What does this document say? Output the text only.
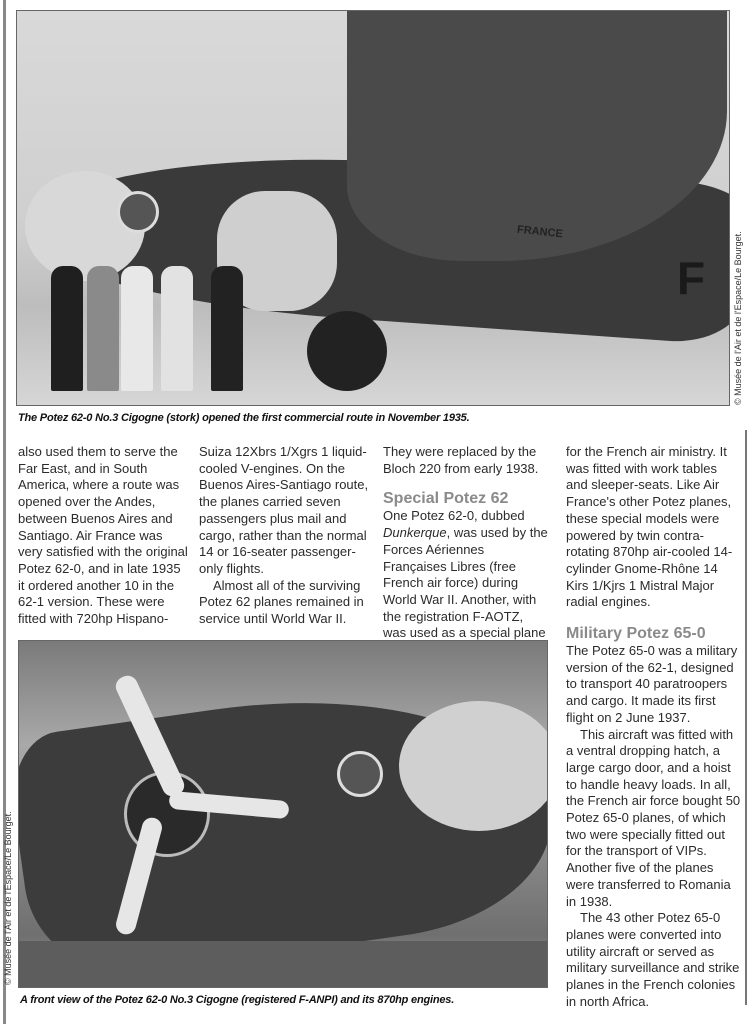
FRANCE
F	© Musée de l'Air et de l'Espace/Le Bourget.
The Potez 62-0 No.3 Cigogne (stork) opened the first commercial route in November 1935.

also used them to serve the Far East, and in South America, where a route was opened over the Andes, between Buenos Aires and Santiago. Air France was very satisfied with the original Potez 62-0, and in late 1935 it ordered another 10 in the 62-1 version. These were fitted with 720hp Hispano-

Suiza 12Xbrs 1/Xgrs 1 liquid-cooled V-engines. On the Buenos Aires-Santiago route, the planes carried seven passengers plus mail and cargo, rather than the normal 14 or 16-seater passenger-only flights.

Almost all of the surviving Potez 62 planes remained in service until World War II.

They were replaced by the Bloch 220 from early 1938.

Special Potez 62

One Potez 62-0, dubbed Dunkerque, was used by the Forces Aériennes Françaises Libres (free French air force) during World War II. Another, with the registration F-AOTZ, was used as a special plane

for the French air ministry. It was fitted with work tables and sleeper-seats. Like Air France's other Potez planes, these special models were powered by twin contra-rotating 870hp air-cooled 14-cylinder Gnome-Rhône 14 Kirs 1/Kjrs 1 Mistral Major radial engines.

Military Potez 65-0

The Potez 65-0 was a military version of the 62-1, designed to transport 40 paratroopers and cargo. It made its first flight on 2 June 1937.

This aircraft was fitted with a ventral dropping hatch, a large cargo door, and a hoist to handle heavy loads. In all, the French air force bought 50 Potez 65-0 planes, of which two were specially fitted out for the transport of VIPs. Another five of the planes were transferred to Romania in 1938.

The 43 other Potez 65-0 planes were converted into utility aircraft or served as military surveillance and strike planes in the French colonies in north Africa.

© Musée de l'Air et de l'Espace/Le Bourget.
A front view of the Potez 62-0 No.3 Cigogne (registered F-ANPI) and its 870hp engines.
